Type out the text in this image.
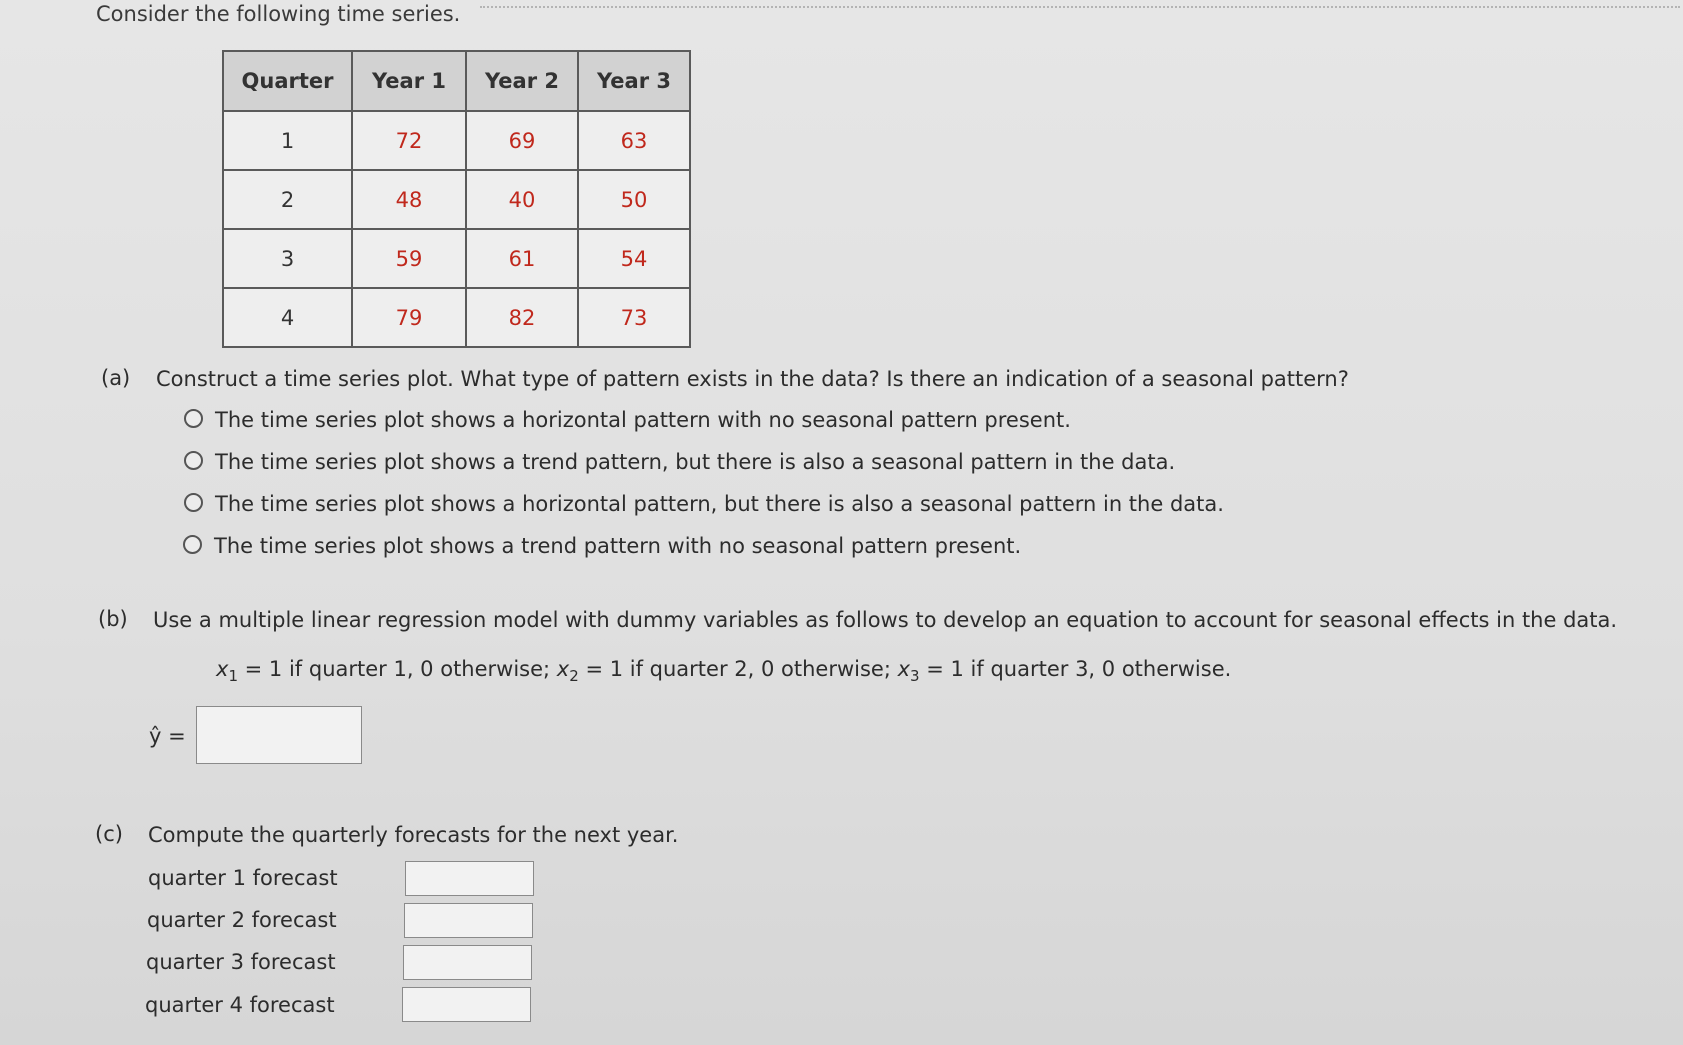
Consider the following time series.
Quarter	Year 1	Year 2	Year 3
1	72	69	63
2	48	40	50
3	59	61	54
4	79	82	73
(a) Construct a time series plot. What type of pattern exists in the data? Is there an indication of a seasonal pattern?
The time series plot shows a horizontal pattern with no seasonal pattern present.
The time series plot shows a trend pattern, but there is also a seasonal pattern in the data.
The time series plot shows a horizontal pattern, but there is also a seasonal pattern in the data.
The time series plot shows a trend pattern with no seasonal pattern present.
(b) Use a multiple linear regression model with dummy variables as follows to develop an equation to account for seasonal effects in the data.
$x_1 = 1$ if quarter 1, 0 otherwise; $x_2 = 1$ if quarter 2, 0 otherwise; $x_3 = 1$ if quarter 3, 0 otherwise.
ŷ =
(c) Compute the quarterly forecasts for the next year.
quarter 1 forecast
quarter 2 forecast
quarter 3 forecast
quarter 4 forecast
